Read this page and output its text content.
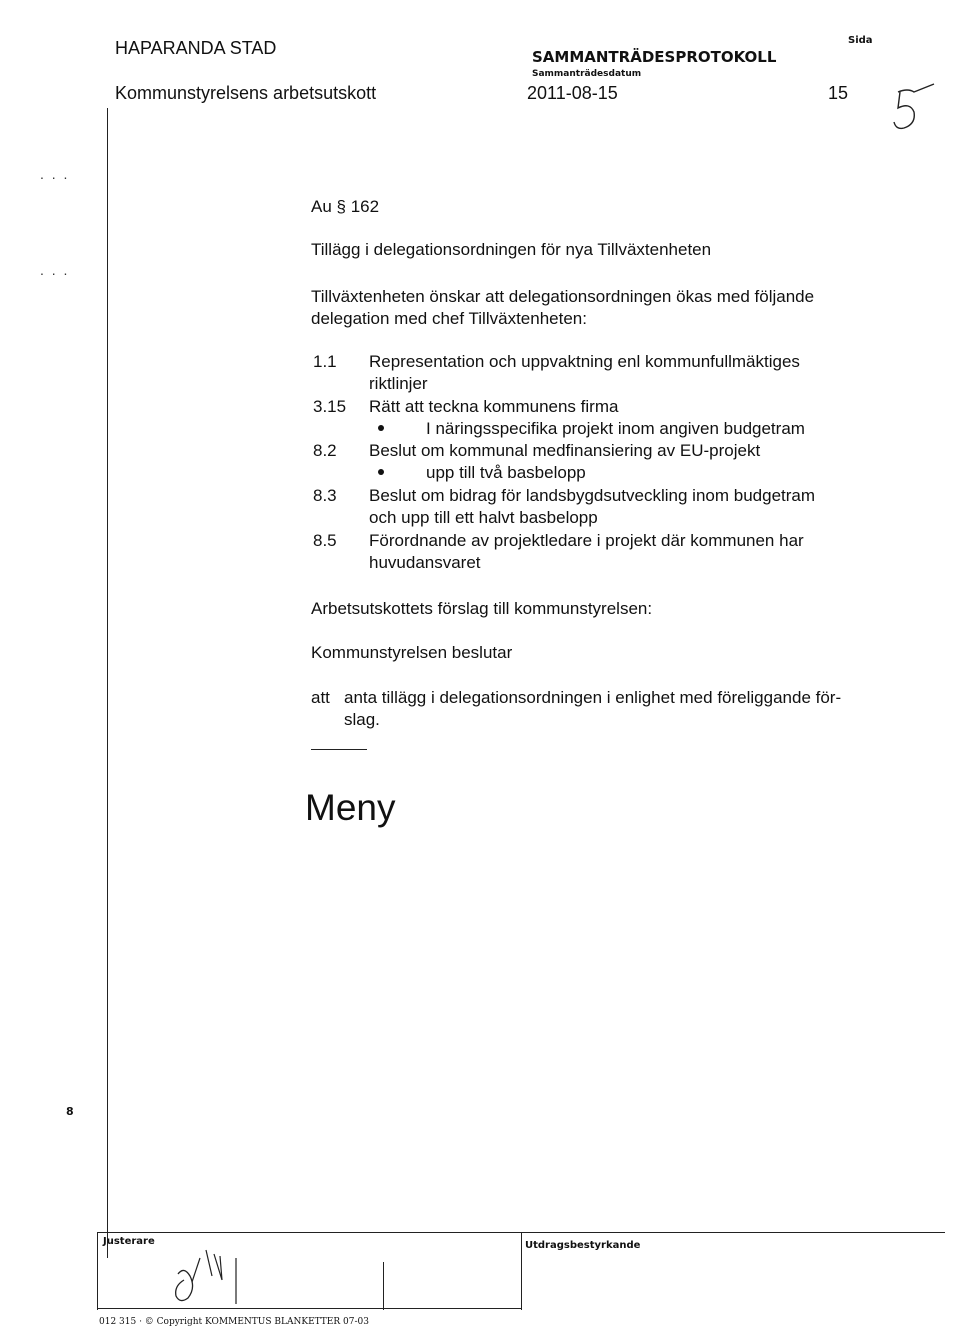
HAPARANDA STAD	SAMMANTRÄDESPROTOKOLL
Sida
Sammanträdesdatum
Kommunstyrelsens arbetsutskott	2011-08-15	15
. . .
. . .
Au § 162
Tillägg i delegationsordningen för nya Tillväxtenheten
Tillväxtenheten önskar att delegationsordningen ökas med följande
delegation med chef Tillväxtenheten:
1.1 Representation och uppvaktning enl kommunfullmäktiges
riktlinjer
3.15 Rätt att teckna kommunens firma
I näringsspecifika projekt inom angiven budgetram
8.2 Beslut om kommunal medfinansiering av EU-projekt
upp till två basbelopp
8.3 Beslut om bidrag för landsbygdsutveckling inom budgetram
och upp till ett halvt basbelopp
8.5 Förordnande av projektledare i projekt där kommunen har
huvudansvaret
Arbetsutskottets förslag till kommunstyrelsen:
Kommunstyrelsen beslutar
att anta tillägg i delegationsordningen i enlighet med föreliggande för-
slag.
Meny
8
Justerare	Utdragsbestyrkande
012 315 · © Copyright KOMMENTUS BLANKETTER 07-03
